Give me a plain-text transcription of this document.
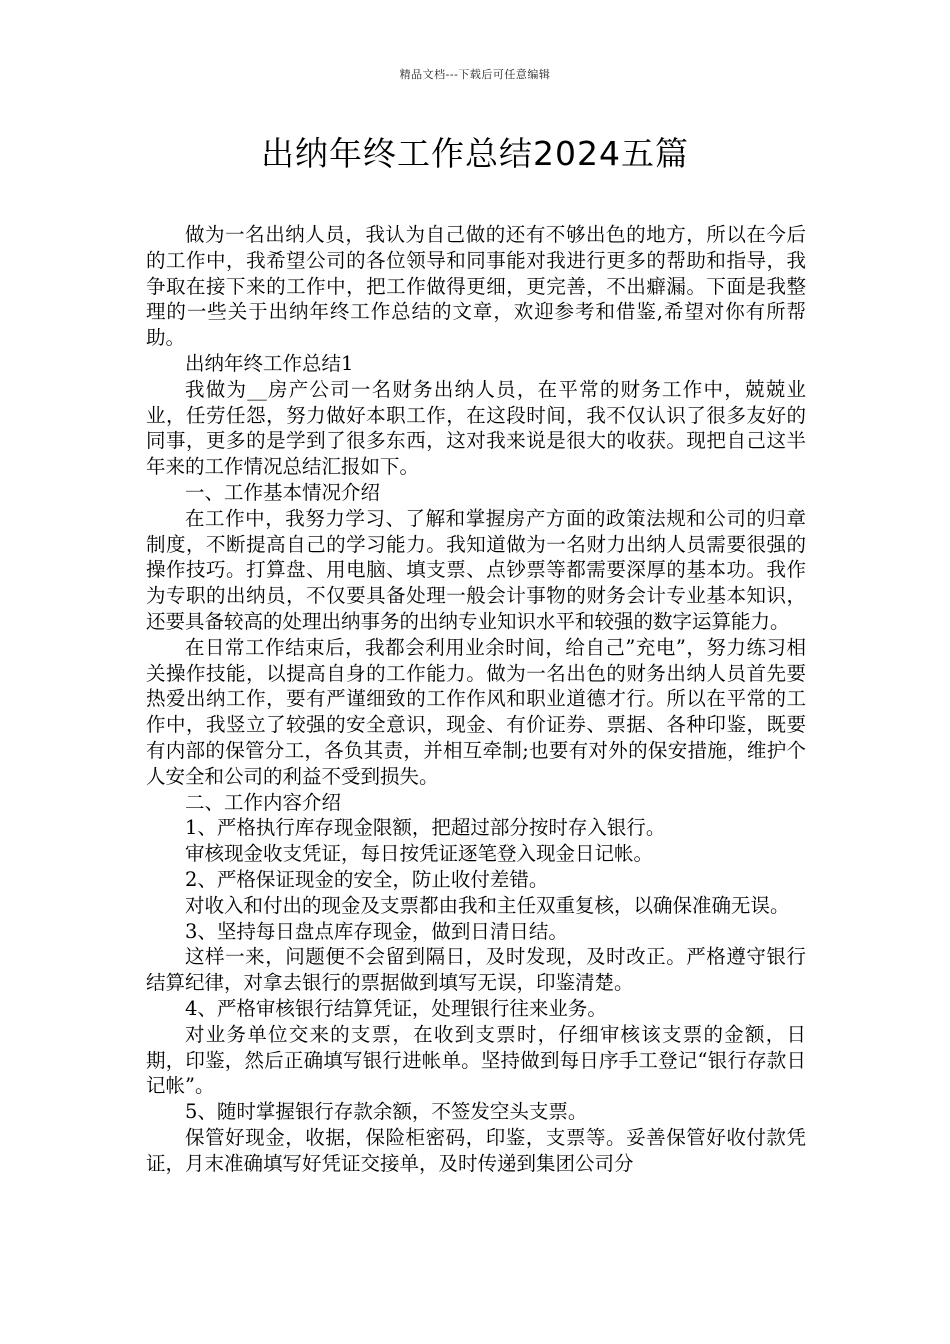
精品文档---下载后可任意编辑
出纳年终工作总结2024五篇

做为一名出纳人员，我认为自己做的还有不够出色的地方，所以在今后的工作中，我希望公司的各位领导和同事能对我进行更多的帮助和指导，我争取在接下来的工作中，把工作做得更细，更完善，不出癖漏。下面是我整理的一些关于出纳年终工作总结的文章，欢迎参考和借鉴,希望对你有所帮助。

出纳年终工作总结1

我做为__房产公司一名财务出纳人员，在平常的财务工作中，兢兢业业，任劳任怨，努力做好本职工作，在这段时间，我不仅认识了很多友好的同事，更多的是学到了很多东西，这对我来说是很大的收获。现把自己这半年来的工作情况总结汇报如下。

一、工作基本情况介绍

在工作中，我努力学习、了解和掌握房产方面的政策法规和公司的归章制度，不断提高自己的学习能力。我知道做为一名财力出纳人员需要很强的操作技巧。打算盘、用电脑、填支票、点钞票等都需要深厚的基本功。我作为专职的出纳员，不仅要具备处理一般会计事物的财务会计专业基本知识，还要具备较高的处理出纳事务的出纳专业知识水平和较强的数字运算能力。

在日常工作结束后，我都会利用业余时间，给自己”充电”，努力练习相关操作技能，以提高自身的工作能力。做为一名出色的财务出纳人员首先要热爱出纳工作，要有严谨细致的工作作风和职业道德才行。所以在平常的工作中，我竖立了较强的安全意识，现金、有价证券、票据、各种印鉴，既要有内部的保管分工，各负其责，并相互牵制;也要有对外的保安措施，维护个人安全和公司的利益不受到损失。

二、工作内容介绍

1、严格执行库存现金限额，把超过部分按时存入银行。

审核现金收支凭证，每日按凭证逐笔登入现金日记帐。

2、严格保证现金的安全，防止收付差错。

对收入和付出的现金及支票都由我和主任双重复核，以确保准确无误。

3、坚持每日盘点库存现金，做到日清日结。

这样一来，问题便不会留到隔日，及时发现，及时改正。严格遵守银行结算纪律，对拿去银行的票据做到填写无误，印鉴清楚。

4、严格审核银行结算凭证，处理银行往来业务。

对业务单位交来的支票，在收到支票时，仔细审核该支票的金额，日期，印鉴，然后正确填写银行进帐单。坚持做到每日序手工登记“银行存款日记帐”。

5、随时掌握银行存款余额，不签发空头支票。

保管好现金，收据，保险柜密码，印鉴，支票等。妥善保管好收付款凭证，月末准确填写好凭证交接单，及时传递到集团公司分
